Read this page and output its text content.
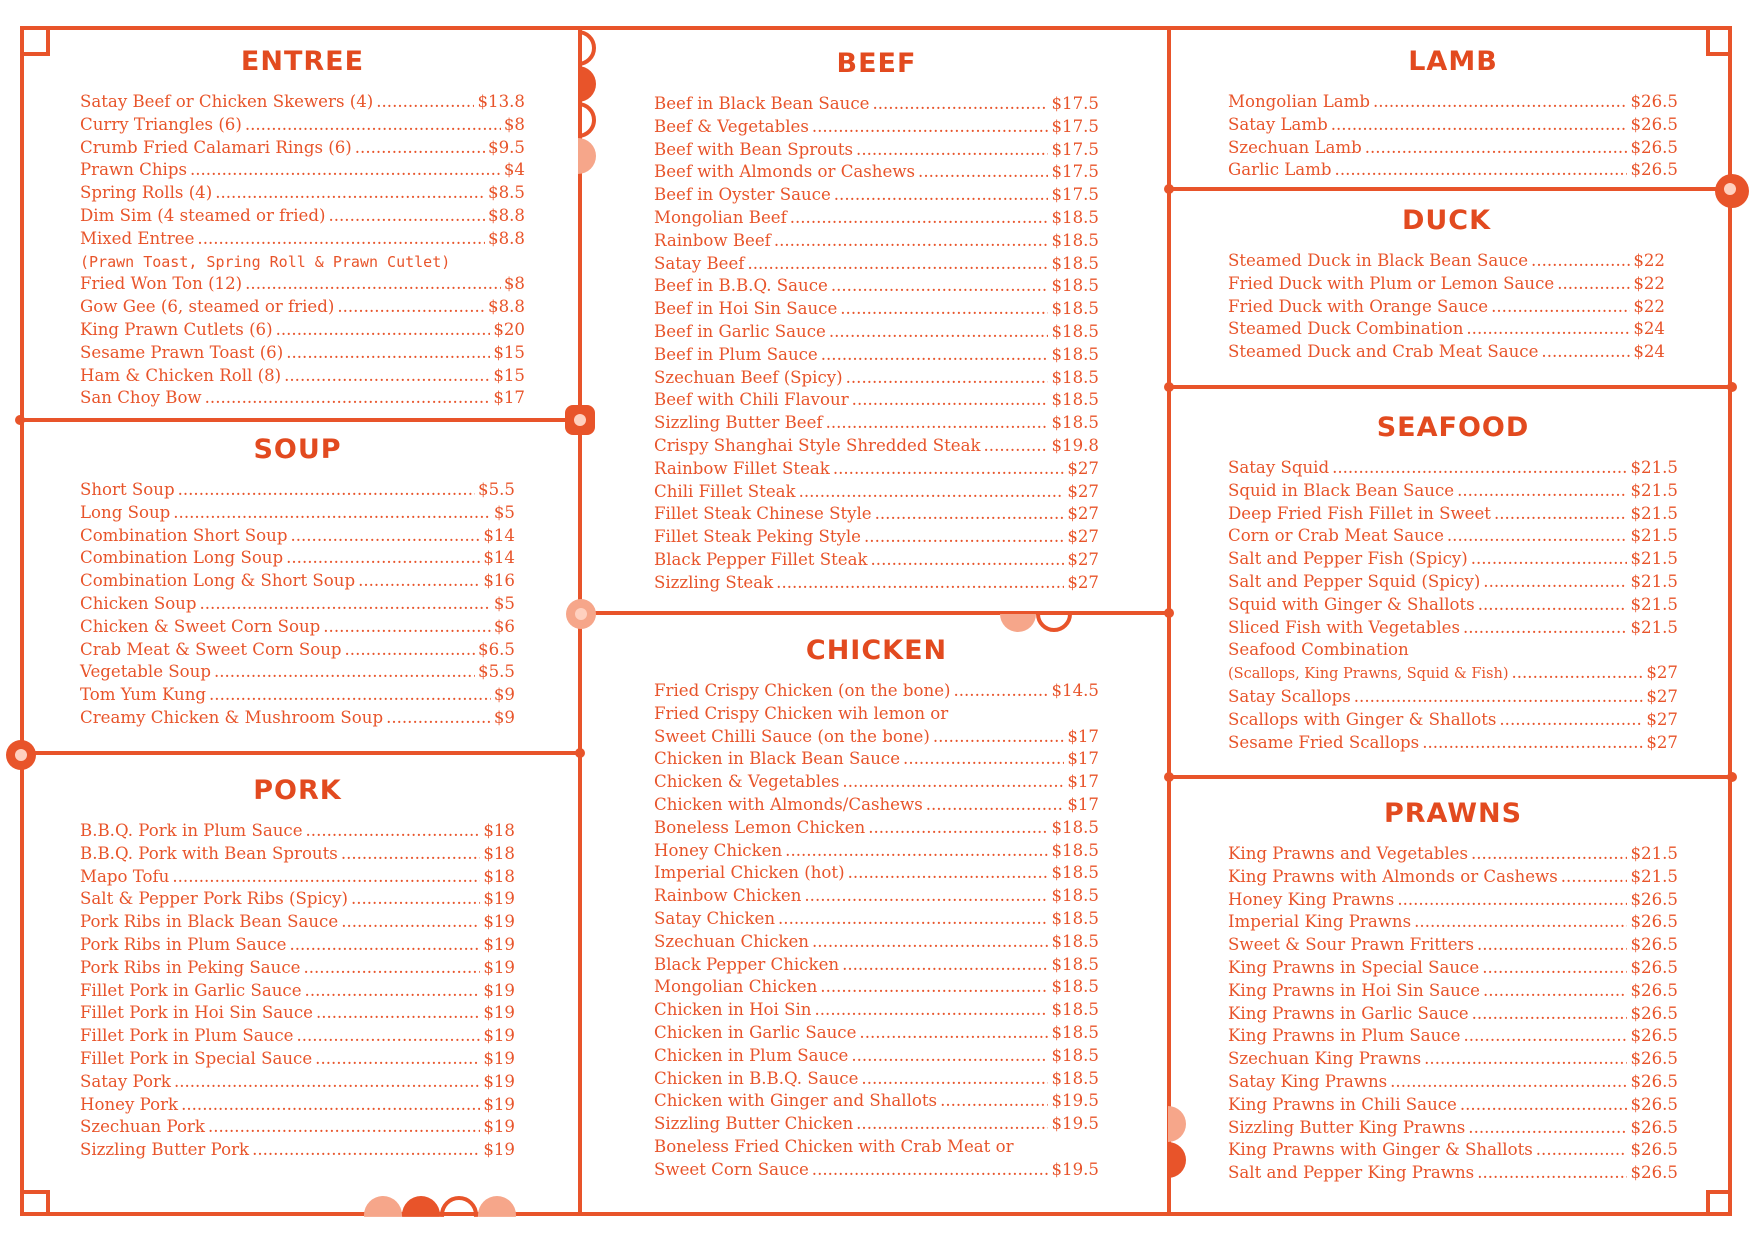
ENTREE
Satay Beef or Chicken Skewers (4) .....	$13.8
Curry Triangles (6) .....	$8
Crumb Fried Calamari Rings (6) .....	$9.5
Prawn Chips .....	$4
Spring Rolls (4) .....	$8.5
Dim Sim (4 steamed or fried) .....	$8.8
Mixed Entree .....	$8.8
(Prawn Toast, Spring Roll & Prawn Cutlet)
Fried Won Ton (12) .....	$8
Gow Gee (6, steamed or fried) .....	$8.8
King Prawn Cutlets (6) .....	$20
Sesame Prawn Toast (6) .....	$15
Ham & Chicken Roll (8) .....	$15
San Choy Bow .....	$17
SOUP
Short Soup .....	$5.5
Long Soup .....	$5
Combination Short Soup .....	$14
Combination Long Soup .....	$14
Combination Long & Short Soup .....	$16
Chicken Soup .....	$5
Chicken & Sweet Corn Soup .....	$6
Crab Meat & Sweet Corn Soup .....	$6.5
Vegetable Soup .....	$5.5
Tom Yum Kung .....	$9
Creamy Chicken & Mushroom Soup .....	$9
PORK
B.B.Q. Pork in Plum Sauce .....	$18
B.B.Q. Pork with Bean Sprouts .....	$18
Mapo Tofu .....	$18
Salt & Pepper Pork Ribs (Spicy) .....	$19
Pork Ribs in Black Bean Sauce .....	$19
Pork Ribs in Plum Sauce .....	$19
Pork Ribs in Peking Sauce .....	$19
Fillet Pork in Garlic Sauce .....	$19
Fillet Pork in Hoi Sin Sauce .....	$19
Fillet Pork in Plum Sauce .....	$19
Fillet Pork in Special Sauce .....	$19
Satay Pork .....	$19
Honey Pork .....	$19
Szechuan Pork .....	$19
Sizzling Butter Pork .....	$19
BEEF
Beef in Black Bean Sauce .....	$17.5
Beef & Vegetables .....	$17.5
Beef with Bean Sprouts .....	$17.5
Beef with Almonds or Cashews .....	$17.5
Beef in Oyster Sauce .....	$17.5
Mongolian Beef .....	$18.5
Rainbow Beef .....	$18.5
Satay Beef .....	$18.5
Beef in B.B.Q. Sauce .....	$18.5
Beef in Hoi Sin Sauce .....	$18.5
Beef in Garlic Sauce .....	$18.5
Beef in Plum Sauce .....	$18.5
Szechuan Beef (Spicy) .....	$18.5
Beef with Chili Flavour .....	$18.5
Sizzling Butter Beef .....	$18.5
Crispy Shanghai Style Shredded Steak .....	$19.8
Rainbow Fillet Steak .....	$27
Chili Fillet Steak .....	$27
Fillet Steak Chinese Style .....	$27
Fillet Steak Peking Style .....	$27
Black Pepper Fillet Steak .....	$27
Sizzling Steak .....	$27
CHICKEN
Fried Crispy Chicken (on the bone) .....	$14.5
Fried Crispy Chicken wih lemon or
Sweet Chilli Sauce (on the bone) .....	$17
Chicken in Black Bean Sauce .....	$17
Chicken & Vegetables .....	$17
Chicken with Almonds/Cashews .....	$17
Boneless Lemon Chicken .....	$18.5
Honey Chicken .....	$18.5
Imperial Chicken (hot) .....	$18.5
Rainbow Chicken .....	$18.5
Satay Chicken .....	$18.5
Szechuan Chicken .....	$18.5
Black Pepper Chicken .....	$18.5
Mongolian Chicken .....	$18.5
Chicken in Hoi Sin .....	$18.5
Chicken in Garlic Sauce .....	$18.5
Chicken in Plum Sauce .....	$18.5
Chicken in B.B.Q. Sauce .....	$18.5
Chicken with Ginger and Shallots .....	$19.5
Sizzling Butter Chicken .....	$19.5
Boneless Fried Chicken with Crab Meat or
Sweet Corn Sauce .....	$19.5
LAMB
Mongolian Lamb .....	$26.5
Satay Lamb .....	$26.5
Szechuan Lamb .....	$26.5
Garlic Lamb .....	$26.5
DUCK
Steamed Duck in Black Bean Sauce .....	$22
Fried Duck with Plum or Lemon Sauce .....	$22
Fried Duck with Orange Sauce .....	$22
Steamed Duck Combination .....	$24
Steamed Duck and Crab Meat Sauce .....	$24
SEAFOOD
Satay Squid .....	$21.5
Squid in Black Bean Sauce .....	$21.5
Deep Fried Fish Fillet in Sweet .....	$21.5
Corn or Crab Meat Sauce .....	$21.5
Salt and Pepper Fish (Spicy) .....	$21.5
Salt and Pepper Squid (Spicy) .....	$21.5
Squid with Ginger & Shallots .....	$21.5
Sliced Fish with Vegetables .....	$21.5
Seafood Combination
(Scallops, King Prawns, Squid & Fish) .....	$27
Satay Scallops .....	$27
Scallops with Ginger & Shallots .....	$27
Sesame Fried Scallops .....	$27
PRAWNS
King Prawns and Vegetables .....	$21.5
King Prawns with Almonds or Cashews .....	$21.5
Honey King Prawns .....	$26.5
Imperial King Prawns .....	$26.5
Sweet & Sour Prawn Fritters .....	$26.5
King Prawns in Special Sauce .....	$26.5
King Prawns in Hoi Sin Sauce .....	$26.5
King Prawns in Garlic Sauce .....	$26.5
King Prawns in Plum Sauce .....	$26.5
Szechuan King Prawns .....	$26.5
Satay King Prawns .....	$26.5
King Prawns in Chili Sauce .....	$26.5
Sizzling Butter King Prawns .....	$26.5
King Prawns with Ginger & Shallots .....	$26.5
Salt and Pepper King Prawns .....	$26.5
